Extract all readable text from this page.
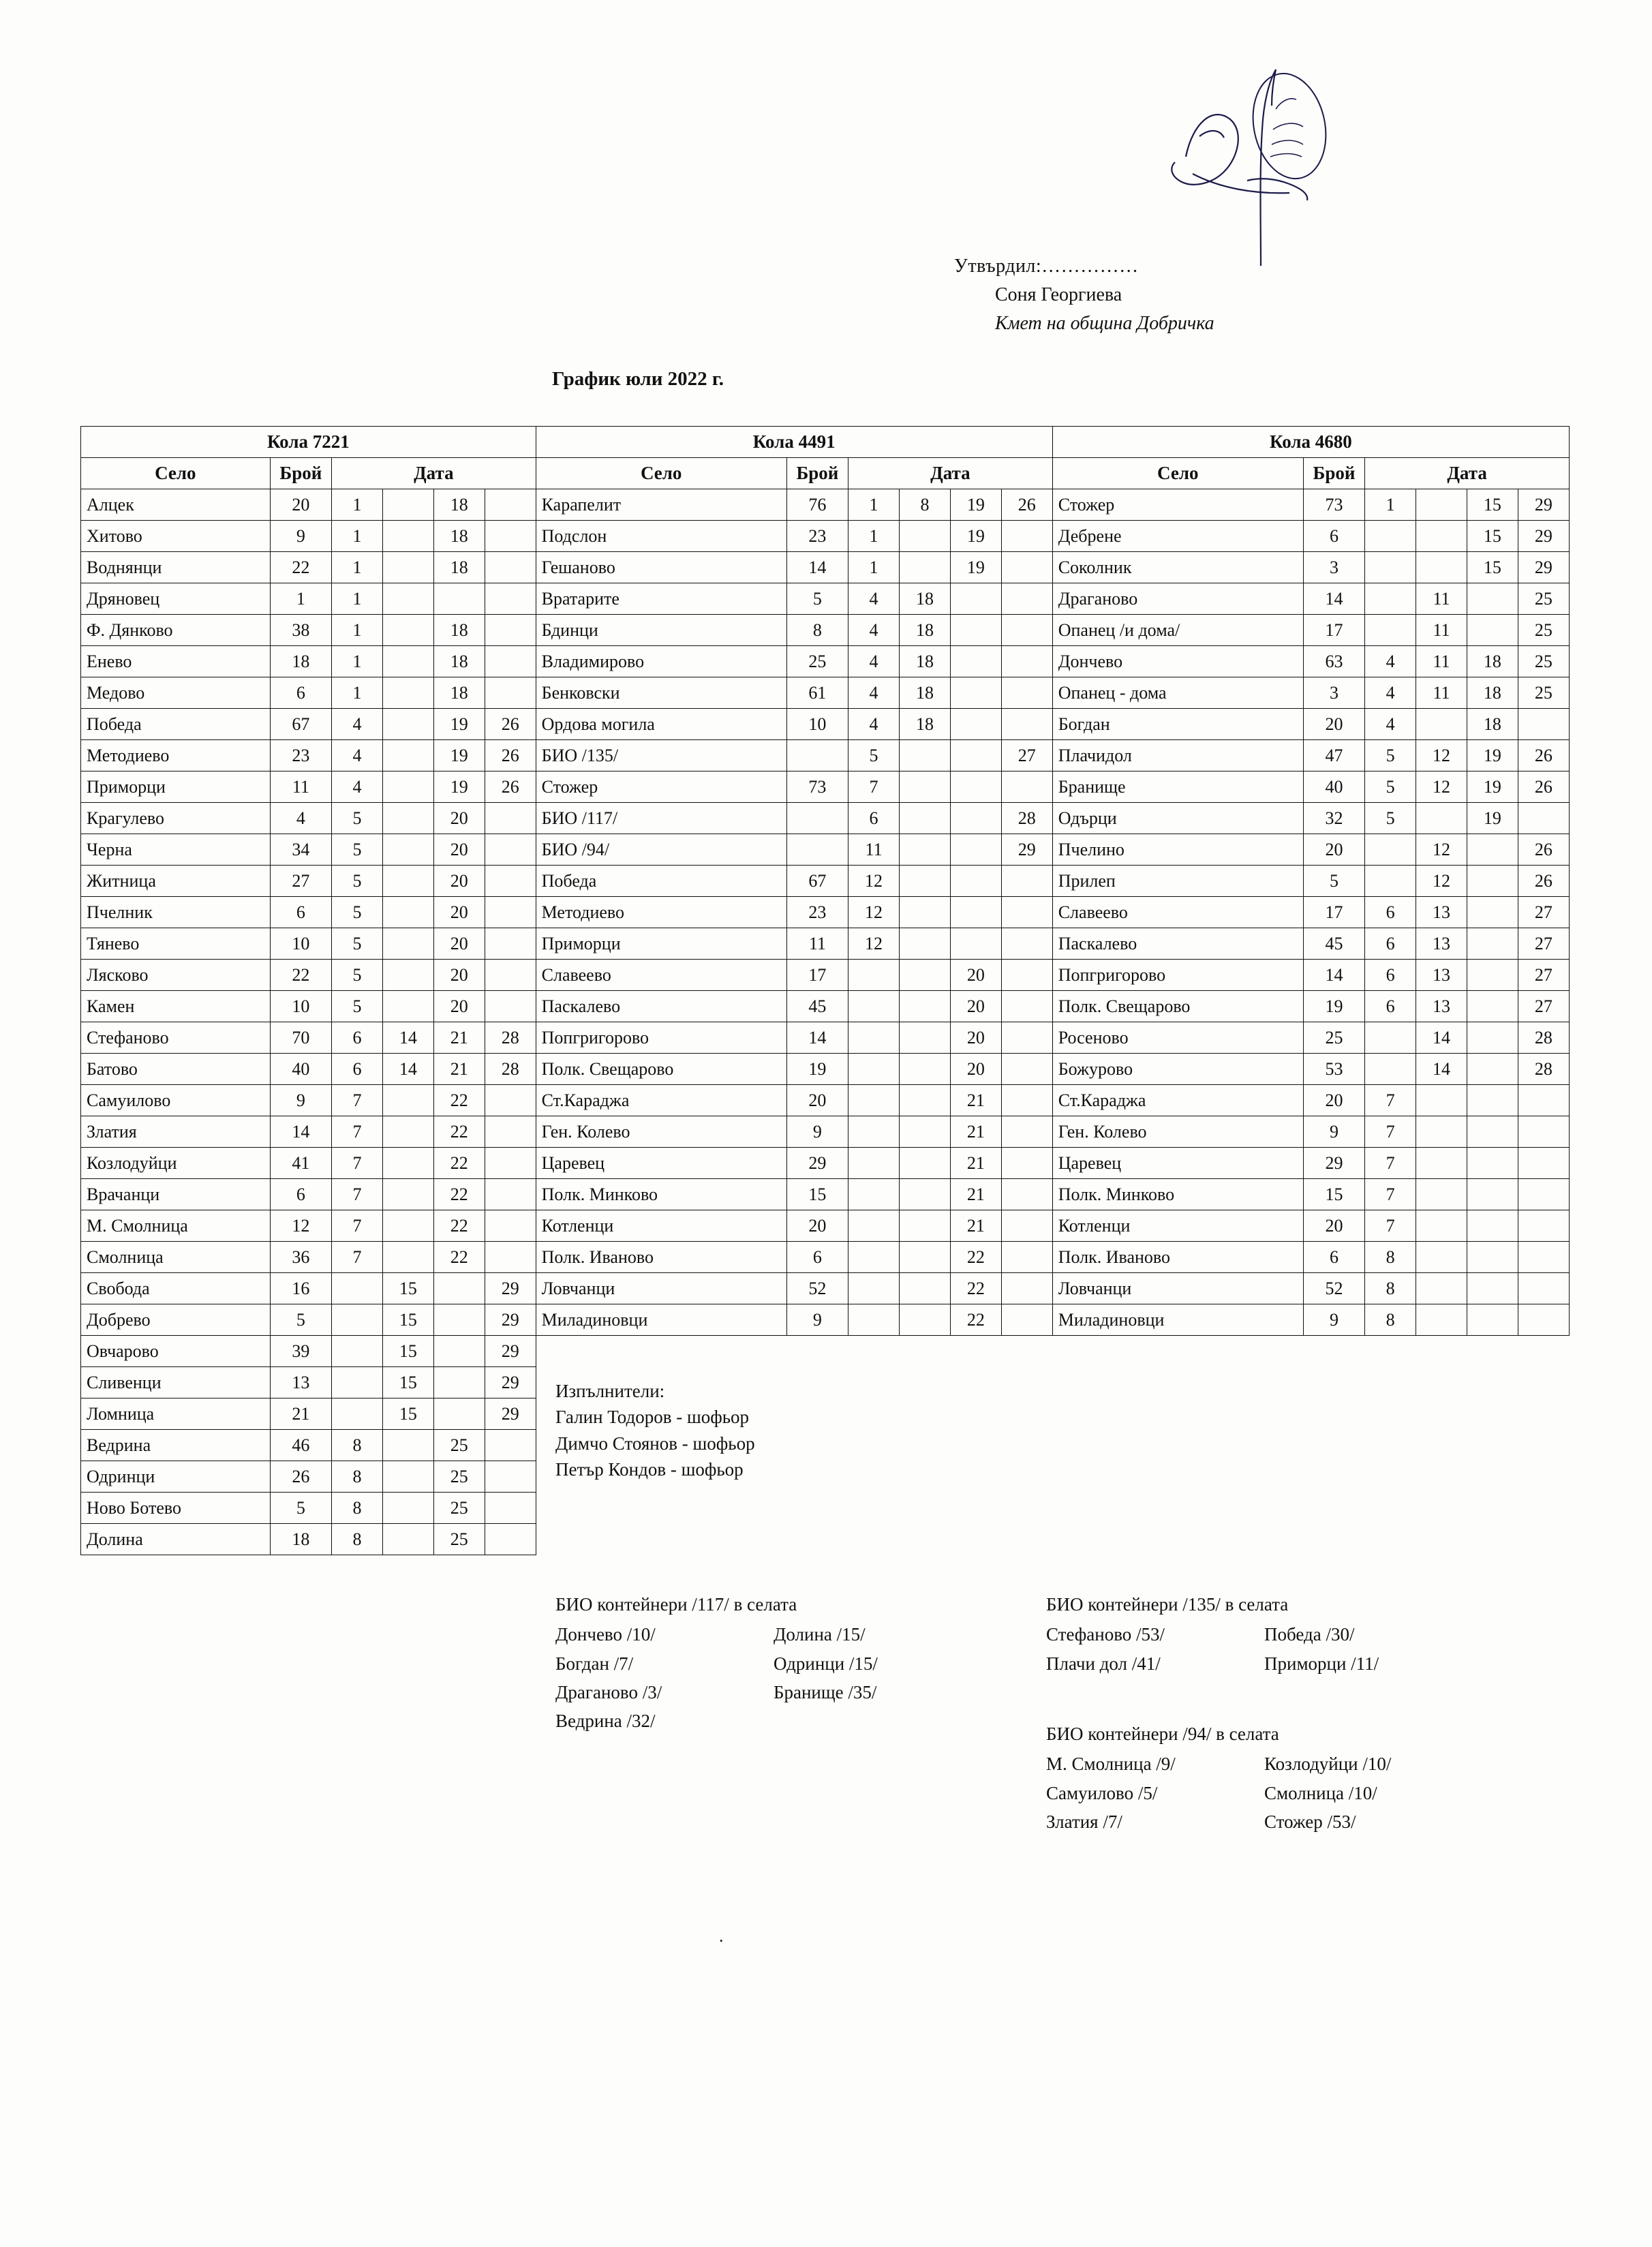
Утвърдил:……………
Соня Георгиева
Кмет на община Добричка
График юли 2022 г.
Кола 7221						Кола 4491						Кола 4680					
Село	Брой	Дата				Село	Брой	Дата				Село	Брой	Дата			
Алцек	20	1		18		Карапелит	76	1	8	19	26	Стожер	73	1		15	29
Хитово	9	1		18		Подслон	23	1		19		Дебрене	6			15	29
Воднянци	22	1		18		Гешаново	14	1		19		Соколник	3			15	29
Дряновец	1	1				Вратарите	5	4	18			Драганово	14		11		25
Ф. Дянково	38	1		18		Бдинци	8	4	18			Опанец /и дома/	17		11		25
Енево	18	1		18		Владимирово	25	4	18			Дончево	63	4	11	18	25
Медово	6	1		18		Бенковски	61	4	18			Опанец - дома	3	4	11	18	25
Победа	67	4		19	26	Ордова могила	10	4	18			Богдан	20	4		18	
Методиево	23	4		19	26	БИО /135/		5			27	Плачидол	47	5	12	19	26
Приморци	11	4		19	26	Стожер	73	7				Бранище	40	5	12	19	26
Крагулево	4	5		20		БИО /117/		6			28	Одърци	32	5		19	
Черна	34	5		20		БИО /94/		11			29	Пчелино	20		12		26
Житница	27	5		20		Победа	67	12				Прилеп	5		12		26
Пчелник	6	5		20		Методиево	23	12				Славеево	17	6	13		27
Тянево	10	5		20		Приморци	11	12				Паскалево	45	6	13		27
Лясково	22	5		20		Славеево	17			20		Попгригорово	14	6	13		27
Камен	10	5		20		Паскалево	45			20		Полк. Свещарово	19	6	13		27
Стефаново	70	6	14	21	28	Попгригорово	14			20		Росеново	25		14		28
Батово	40	6	14	21	28	Полк. Свещарово	19			20		Божурово	53		14		28
Самуилово	9	7		22		Ст.Караджа	20			21		Ст.Караджа	20	7			
Златия	14	7		22		Ген. Колево	9			21		Ген. Колево	9	7			
Козлодуйци	41	7		22		Царевец	29			21		Царевец	29	7			
Врачанци	6	7		22		Полк. Минково	15			21		Полк. Минково	15	7			
М. Смолница	12	7		22		Котленци	20			21		Котленци	20	7			
Смолница	36	7		22		Полк. Иваново	6			22		Полк. Иваново	6	8			
Свобода	16		15		29	Ловчанци	52			22		Ловчанци	52	8			
Добрево	5		15		29	Миладиновци	9			22		Миладиновци	9	8			
Овчарово	39		15		29												
Сливенци	13		15		29												
Ломница	21		15		29												
Ведрина	46	8		25													
Одринци	26	8		25													
Ново Ботево	5	8		25													
Долина	18	8		25													
Изпълнители:
Галин Тодоров - шофьор
Димчо Стоянов - шофьор
Петър Кондов - шофьор
БИО контейнери /117/ в селата
Дончево /10/	Долина /15/
Богдан /7/	Одринци /15/
Драганово /3/	Бранище /35/
Ведрина /32/
БИО контейнери /135/ в селата
Стефаново /53/	Победа /30/
Плачи дол /41/	Приморци /11/
БИО контейнери /94/ в селата
М. Смолница /9/	Козлодуйци /10/
Самуилово /5/	Смолница /10/
Златия /7/	Стожер /53/
.
